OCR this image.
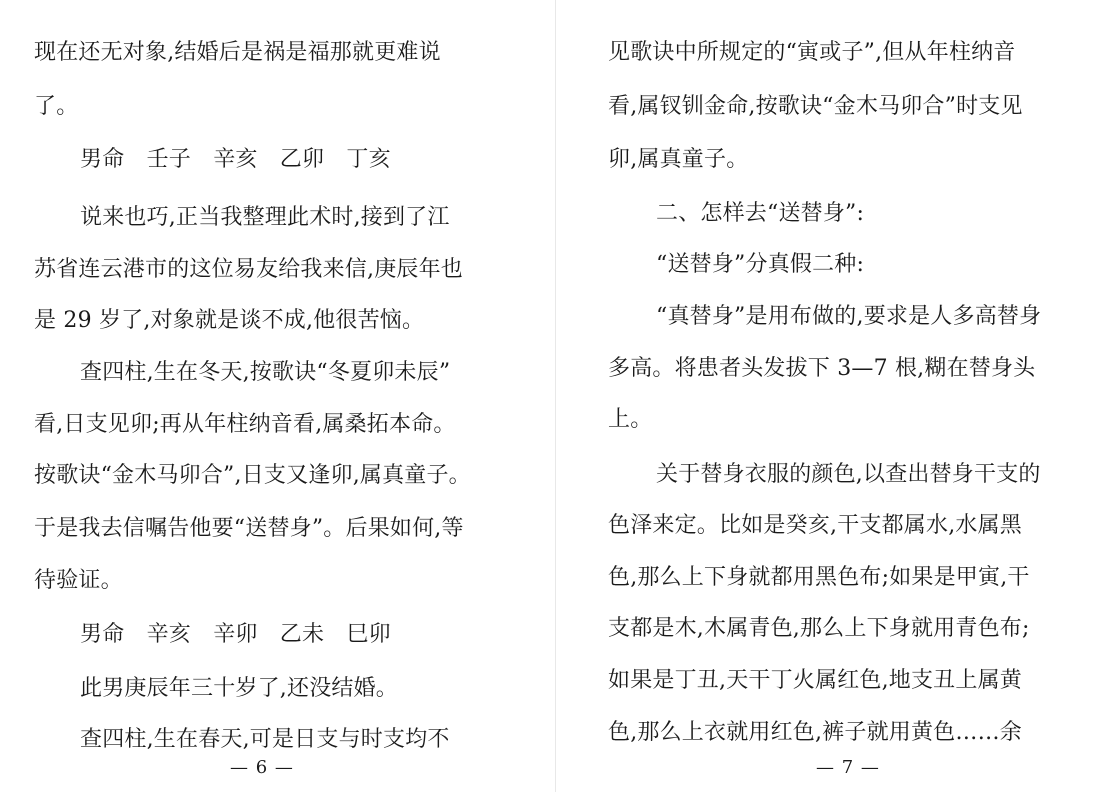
现在还无对象,结婚后是祸是福那就更难说
了。
男命　壬子　辛亥　乙卯　丁亥
说来也巧,正当我整理此术时,接到了江
苏省连云港市的这位易友给我来信,庚辰年也
是 29 岁了,对象就是谈不成,他很苦恼。
查四柱,生在冬天,按歌诀“冬夏卯未辰”
看,日支见卯;再从年柱纳音看,属桑拓本命。
按歌诀“金木马卯合”,日支又逢卯,属真童子。
于是我去信嘱告他要“送替身”。后果如何,等
待验证。
男命　辛亥　辛卯　乙未　巳卯
此男庚辰年三十岁了,还没结婚。
查四柱,生在春天,可是日支与时支均不
— 6 —
见歌诀中所规定的“寅或子”,但从年柱纳音
看,属钗钏金命,按歌诀“金木马卯合”时支见
卯,属真童子。
二、怎样去“送替身”:
“送替身”分真假二种:
“真替身”是用布做的,要求是人多高替身
多高。将患者头发拔下 3—7 根,糊在替身头
上。
关于替身衣服的颜色,以查出替身干支的
色泽来定。比如是癸亥,干支都属水,水属黑
色,那么上下身就都用黑色布;如果是甲寅,干
支都是木,木属青色,那么上下身就用青色布;
如果是丁丑,天干丁火属红色,地支丑上属黄
色,那么上衣就用红色,裤子就用黄色……余
— 7 —
